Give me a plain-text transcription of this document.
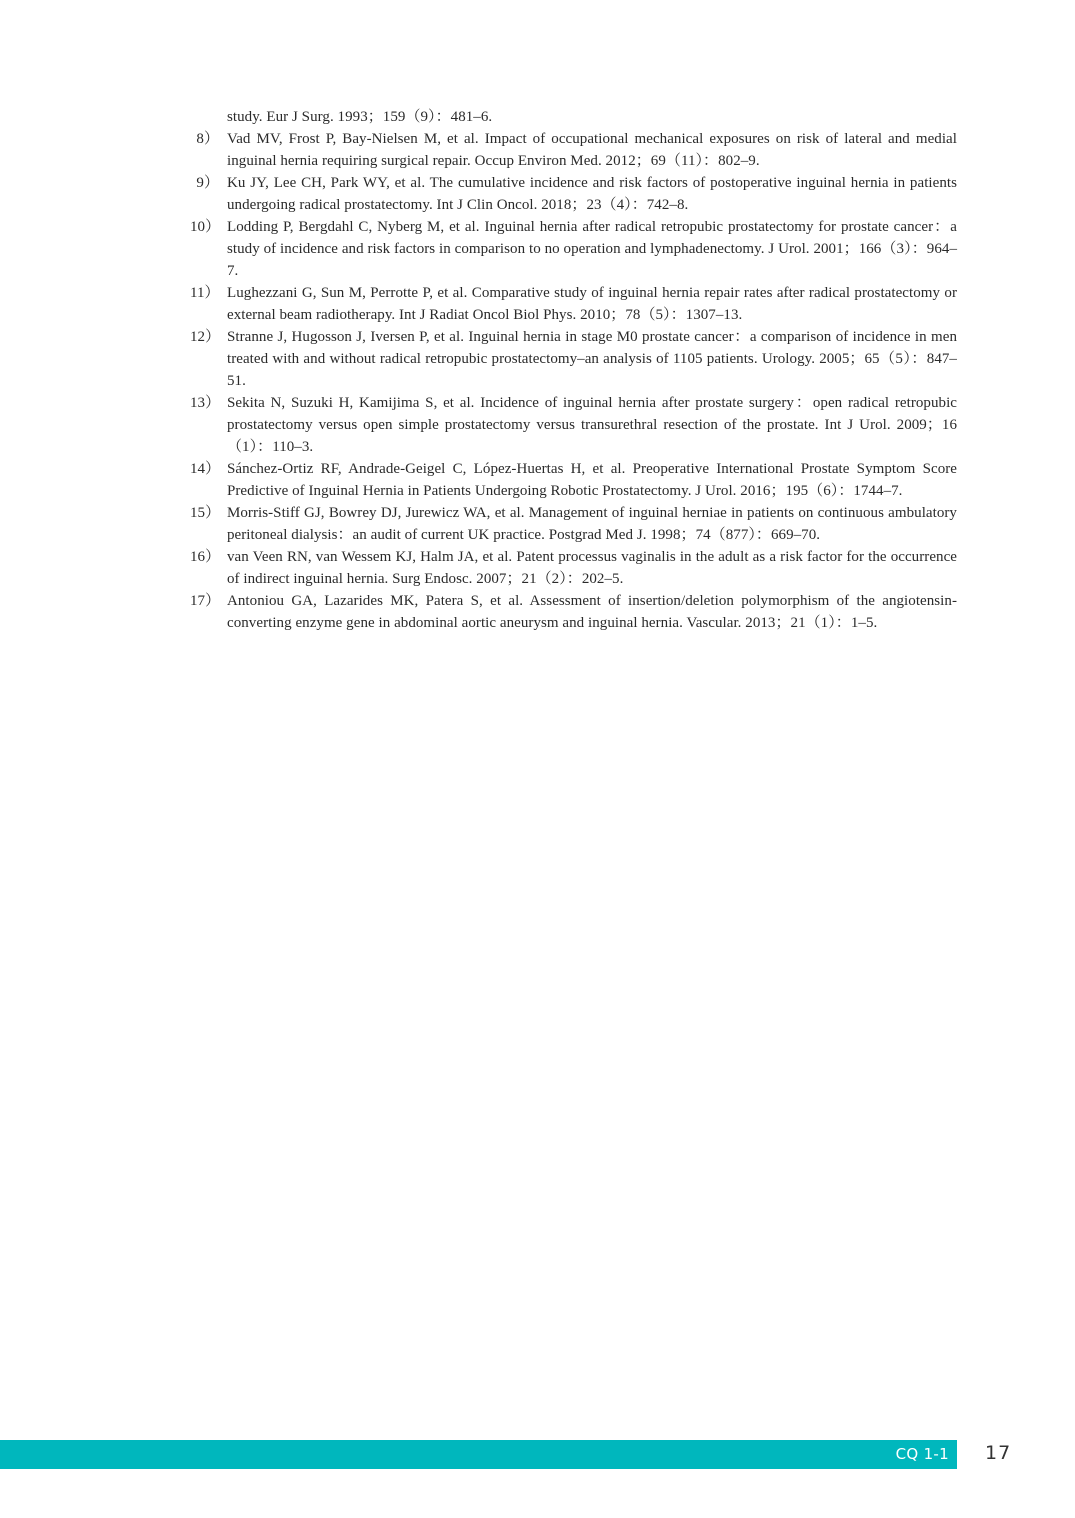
study. Eur J Surg. 1993；159（9）：481–6.
8） Vad MV, Frost P, Bay-Nielsen M, et al. Impact of occupational mechanical exposures on risk of lateral and medial inguinal hernia requiring surgical repair. Occup Environ Med. 2012；69（11）：802–9.
9） Ku JY, Lee CH, Park WY, et al. The cumulative incidence and risk factors of postoperative inguinal hernia in patients undergoing radical prostatectomy. Int J Clin Oncol. 2018；23（4）：742–8.
10） Lodding P, Bergdahl C, Nyberg M, et al. Inguinal hernia after radical retropubic prostatectomy for prostate cancer：a study of incidence and risk factors in comparison to no operation and lymphadenectomy. J Urol. 2001；166（3）：964–7.
11） Lughezzani G, Sun M, Perrotte P, et al. Comparative study of inguinal hernia repair rates after radical prostatectomy or external beam radiotherapy. Int J Radiat Oncol Biol Phys. 2010；78（5）：1307–13.
12） Stranne J, Hugosson J, Iversen P, et al. Inguinal hernia in stage M0 prostate cancer：a comparison of incidence in men treated with and without radical retropubic prostatectomy–an analysis of 1105 patients. Urology. 2005；65（5）：847–51.
13） Sekita N, Suzuki H, Kamijima S, et al. Incidence of inguinal hernia after prostate surgery：open radical retropubic prostatectomy versus open simple prostatectomy versus transurethral resection of the prostate. Int J Urol. 2009；16（1）：110–3.
14） Sánchez-Ortiz RF, Andrade-Geigel C, López-Huertas H, et al. Preoperative International Prostate Symptom Score Predictive of Inguinal Hernia in Patients Undergoing Robotic Prostatectomy. J Urol. 2016；195（6）：1744–7.
15） Morris-Stiff GJ, Bowrey DJ, Jurewicz WA, et al. Management of inguinal herniae in patients on continuous ambulatory peritoneal dialysis：an audit of current UK practice. Postgrad Med J. 1998；74（877）：669–70.
16） van Veen RN, van Wessem KJ, Halm JA, et al. Patent processus vaginalis in the adult as a risk factor for the occurrence of indirect inguinal hernia. Surg Endosc. 2007；21（2）：202–5.
17） Antoniou GA, Lazarides MK, Patera S, et al. Assessment of insertion/deletion polymorphism of the angiotensin-converting enzyme gene in abdominal aortic aneurysm and inguinal hernia. Vascular. 2013；21（1）：1–5.
CQ 1-1 17
